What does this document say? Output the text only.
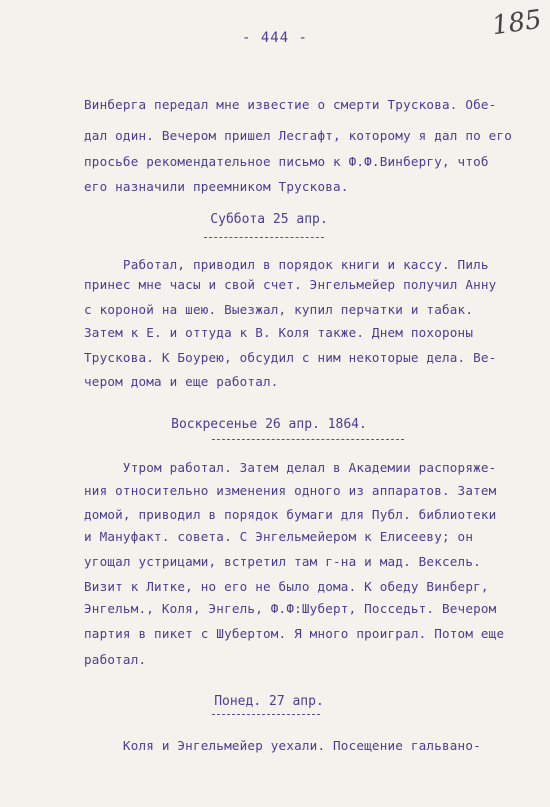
- 444 -	185
Винберга передал мне известие о смерти Трускова. Обе-
дал один. Вечером пришел Лесгафт, которому я дал по его
просьбе рекомендательное письмо к Ф.Ф.Винбергу, чтоб
его назначили преемником Трускова.
Суббота 25 апр.
Работал, приводил в порядок книги и кассу. Пиль
принес мне часы и свой счет. Энгельмейер получил Анну
с короной на шею. Выезжал, купил перчатки и табак.
Затем к Е. и оттуда к В. Коля также. Днем похороны
Трускова. К Боурею, обсудил с ним некоторые дела. Ве-
чером дома и еще работал.
Воскресенье 26 апр. 1864.
Утром работал. Затем делал в Академии распоряже-
ния относительно изменения одного из аппаратов. Затем
домой, приводил в порядок бумаги для Публ. библиотеки
и Мануфакт. совета. С Энгельмейером к Елисееву; он
угощал устрицами, встретил там г-на и мад. Вексель.
Визит к Литке, но его не было дома. К обеду Винберг,
Энгельм., Коля, Энгель, Ф.Ф:Шуберт, Посседьт. Вечером
партия в пикет с Шубертом. Я много проиграл. Потом еще
работал.
Понед. 27 апр.
Коля и Энгельмейер уехали. Посещение гальвано-
